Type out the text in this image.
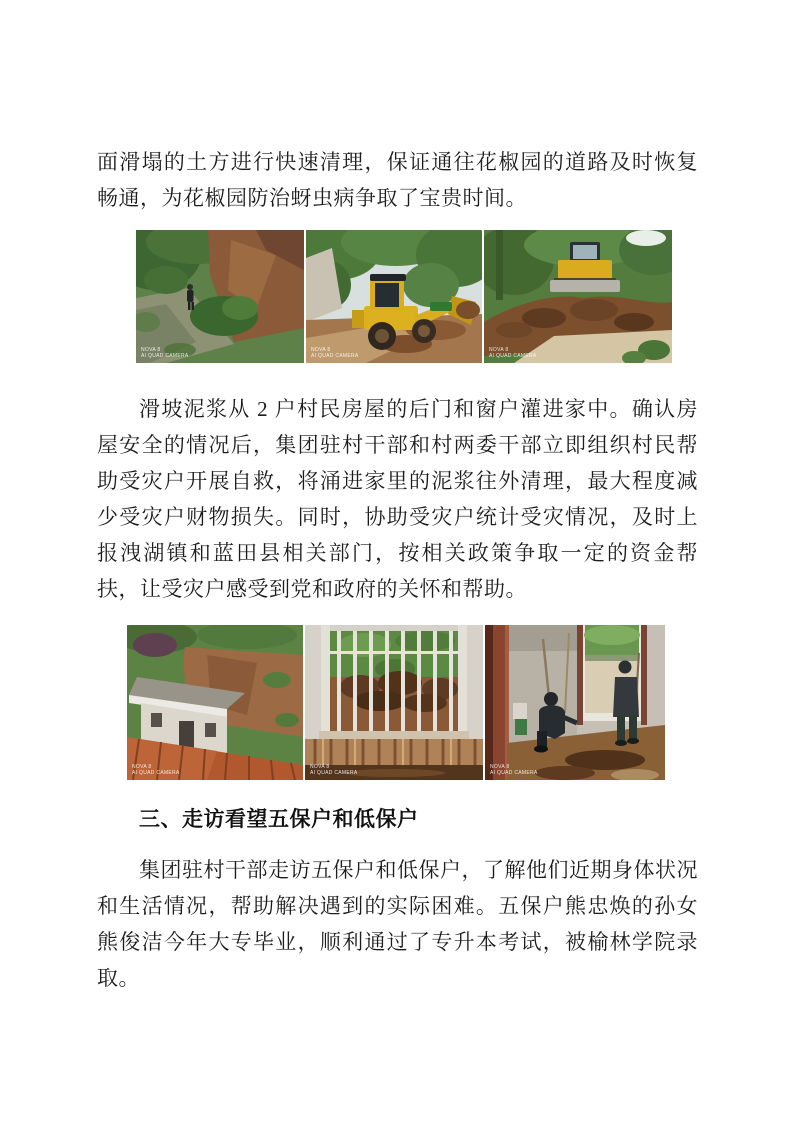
面滑塌的土方进行快速清理，保证通往花椒园的道路及时恢复畅通，为花椒园防治蚜虫病争取了宝贵时间。

NOVA 8
AI QUAD CAMERA
NOVA 8
AI QUAD CAMERA
NOVA 8
AI QUAD CAMERA

滑坡泥浆从 2 户村民房屋的后门和窗户灌进家中。确认房屋安全的情况后，集团驻村干部和村两委干部立即组织村民帮助受灾户开展自救，将涌进家里的泥浆往外清理，最大程度减少受灾户财物损失。同时，协助受灾户统计受灾情况，及时上报洩湖镇和蓝田县相关部门，按相关政策争取一定的资金帮扶，让受灾户感受到党和政府的关怀和帮助。

NOVA 8
AI QUAD CAMERA
NOVA 8
AI QUAD CAMERA
NOVA 8
AI QUAD CAMERA
三、走访看望五保户和低保户

集团驻村干部走访五保户和低保户，了解他们近期身体状况和生活情况，帮助解决遇到的实际困难。五保户熊忠焕的孙女熊俊洁今年大专毕业，顺利通过了专升本考试，被榆林学院录取。
